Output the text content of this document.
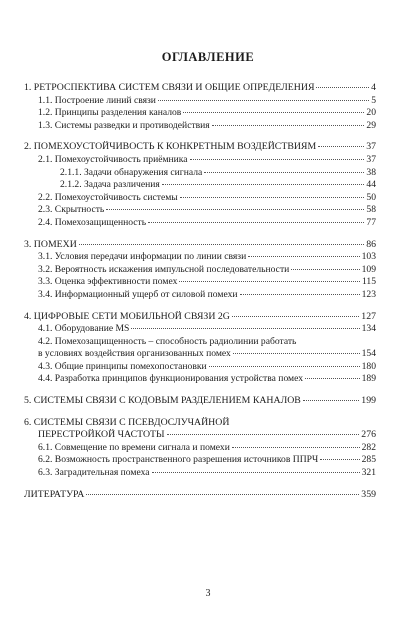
ОГЛАВЛЕНИЕ
1. РЕТРОСПЕКТИВА СИСТЕМ СВЯЗИ И ОБЩИЕ ОПРЕДЕЛЕНИЯ	4
1.1. Построение линий связи	5
1.2. Принципы разделения каналов	20
1.3. Системы разведки и противодействия	29
2. ПОМЕХОУСТОЙЧИВОСТЬ К КОНКРЕТНЫМ ВОЗДЕЙСТВИЯМ	37
2.1. Помехоустойчивость приёмника	37
2.1.1. Задачи обнаружения сигнала	38
2.1.2. Задача различения	44
2.2. Помехоустойчивость системы	50
2.3. Скрытность	58
2.4. Помехозащищенность	77
3. ПОМЕХИ	86
3.1. Условия передачи информации по линии связи	103
3.2. Вероятность искажения импульсной последовательности	109
3.3. Оценка эффективности помех	115
3.4. Информационный ущерб от силовой помехи	123
4. ЦИФРОВЫЕ СЕТИ МОБИЛЬНОЙ СВЯЗИ 2G	127
4.1. Оборудование MS	134
4.2. Помехозащищенность – способность радиолинии работать
в условиях воздействия организованных помех	154
4.3. Общие принципы помехопостановки	180
4.4. Разработка принципов функционирования устройства помех	189
5. СИСТЕМЫ СВЯЗИ С КОДОВЫМ РАЗДЕЛЕНИЕМ КАНАЛОВ	199
6. СИСТЕМЫ СВЯЗИ С ПСЕВДОСЛУЧАЙНОЙ
ПЕРЕСТРОЙКОЙ ЧАСТОТЫ	276
6.1. Совмещение по времени сигнала и помехи	282
6.2. Возможность пространственного разрешения источников ППРЧ	285
6.3. Заградительная помеха	321
ЛИТЕРАТУРА	359
3
